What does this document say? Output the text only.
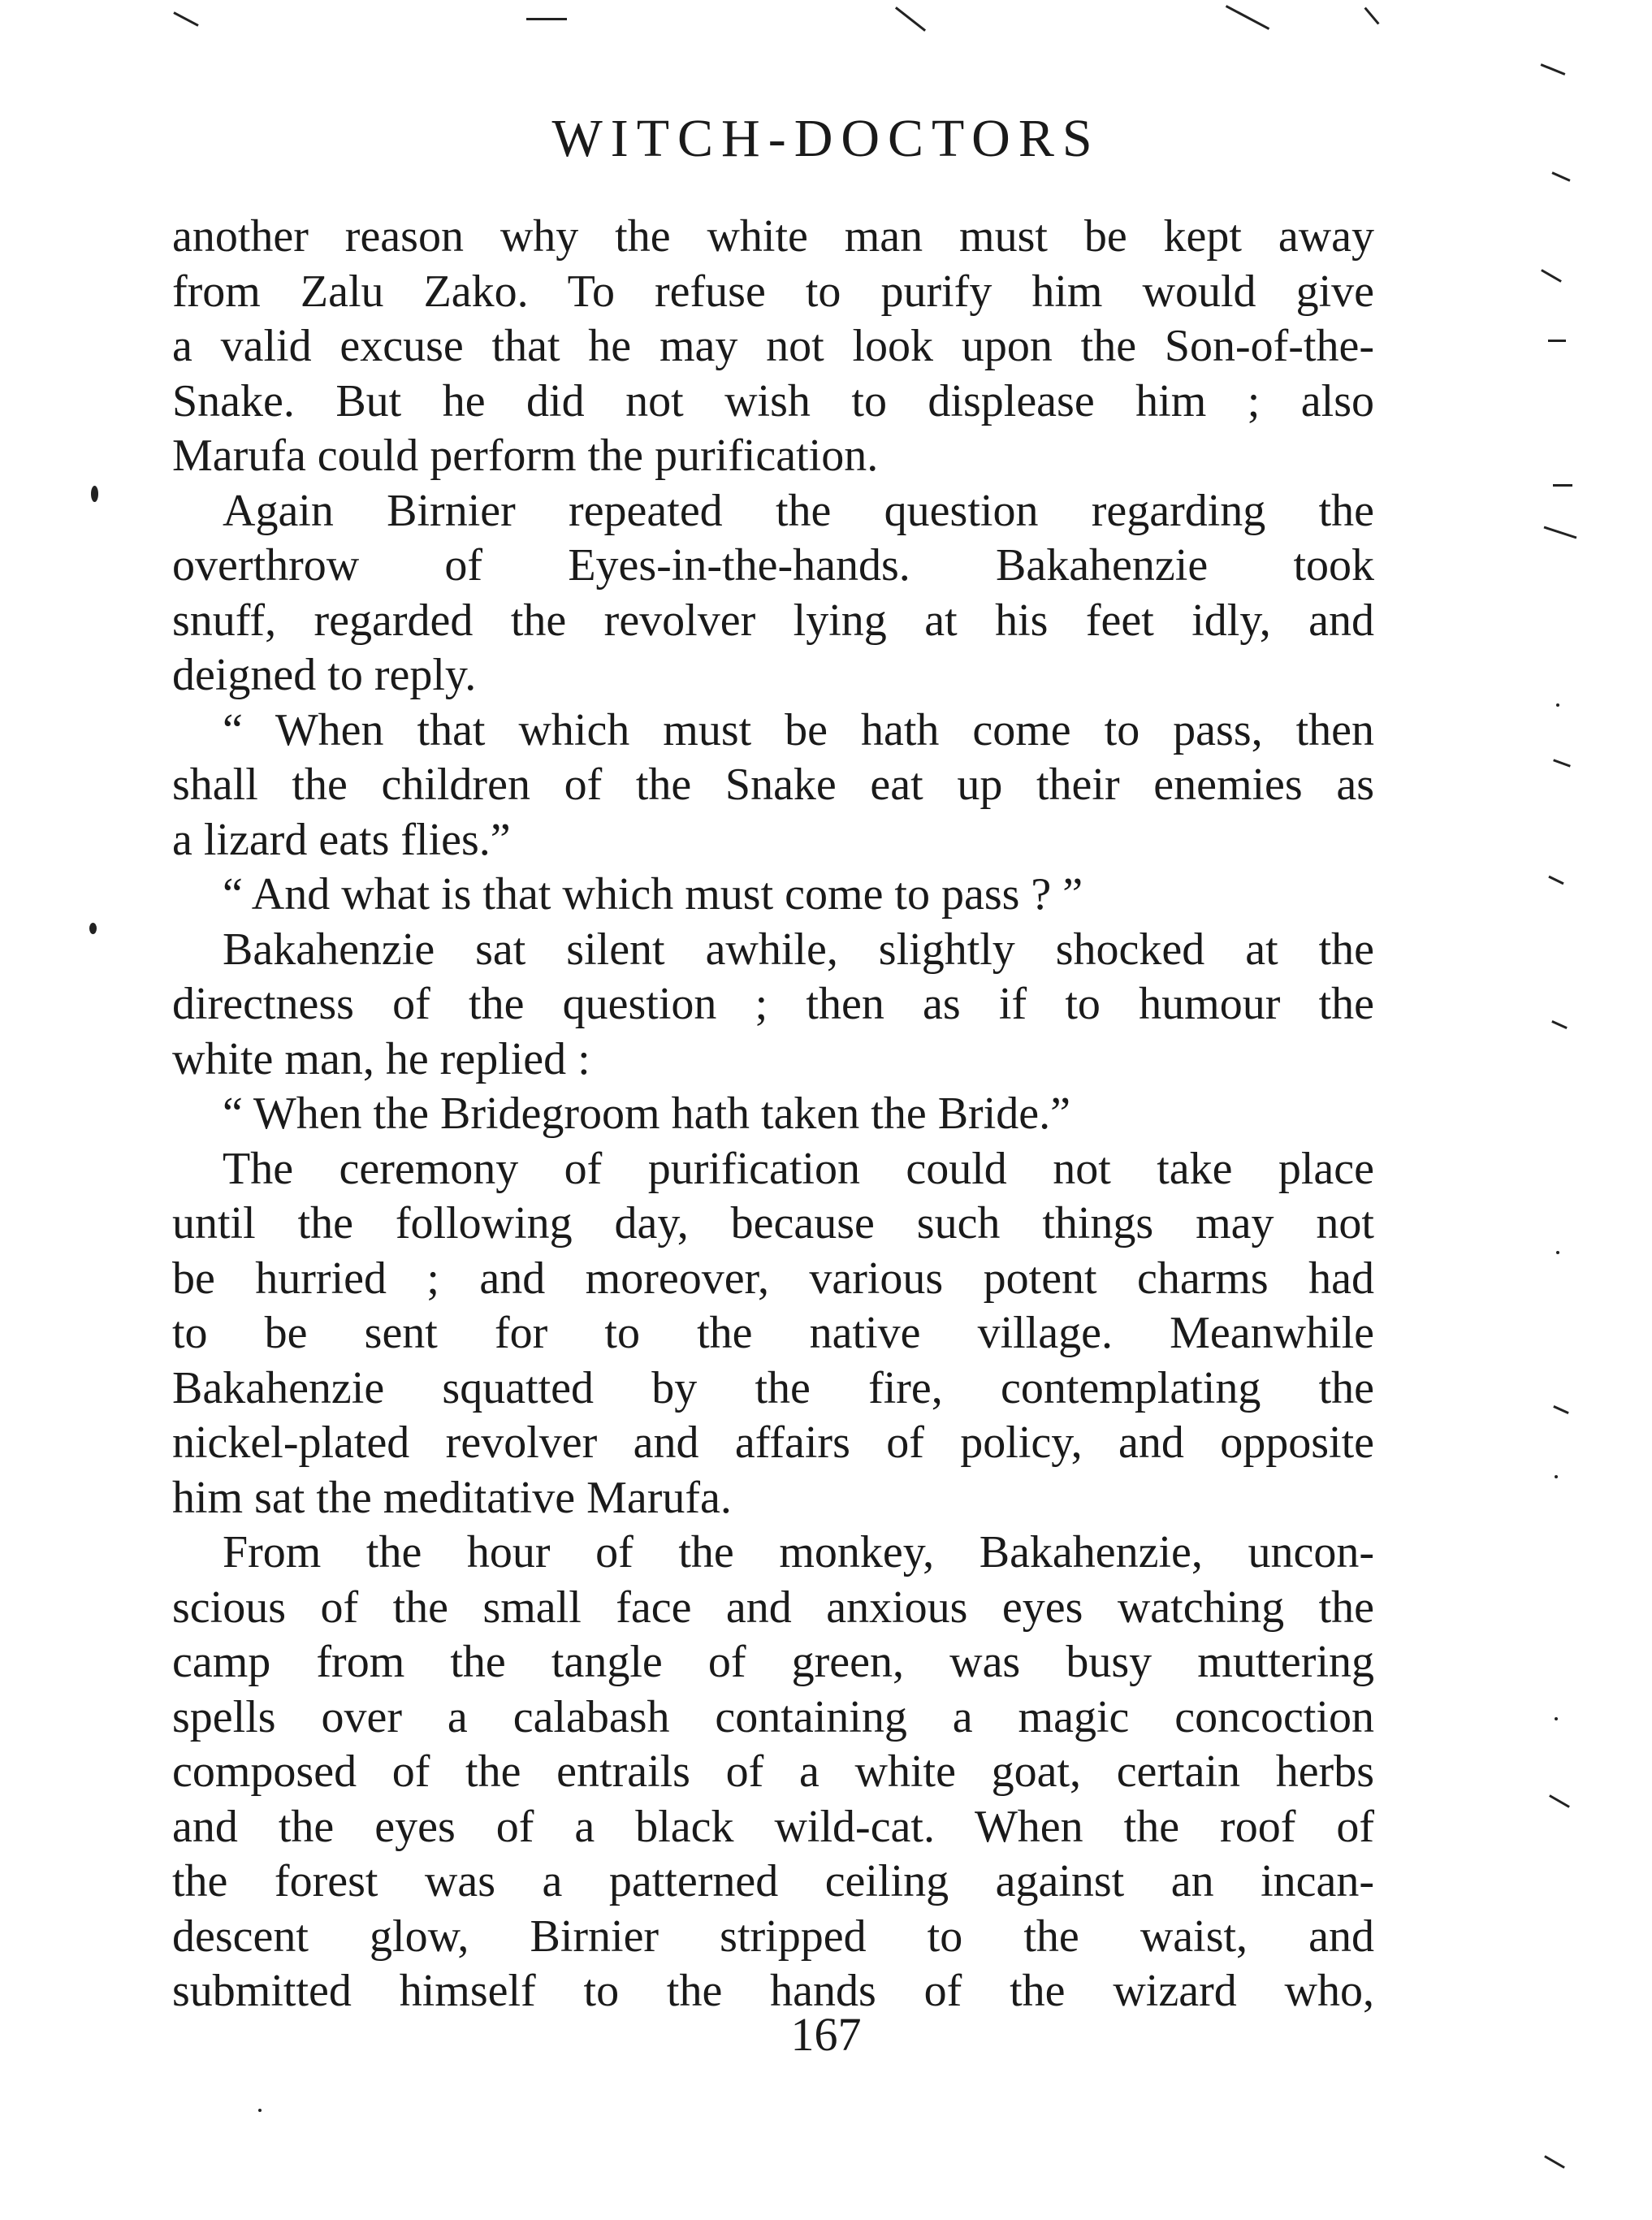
WITCH-DOCTORS
another reason why the white man must be kept away
from Zalu Zako. To refuse to purify him would give
a valid excuse that he may not look upon the Son-of-the-
Snake. But he did not wish to displease him ; also
Marufa could perform the purification.
Again Birnier repeated the question regarding the
overthrow of Eyes-in-the-hands. Bakahenzie took
snuff, regarded the revolver lying at his feet idly, and
deigned to reply.
“ When that which must be hath come to pass, then
shall the children of the Snake eat up their enemies as
a lizard eats flies.”
“ And what is that which must come to pass ? ”
Bakahenzie sat silent awhile, slightly shocked at the
directness of the question ; then as if to humour the
white man, he replied :
“ When the Bridegroom hath taken the Bride.”
The ceremony of purification could not take place
until the following day, because such things may not
be hurried ; and moreover, various potent charms had
to be sent for to the native village. Meanwhile
Bakahenzie squatted by the fire, contemplating the
nickel-plated revolver and affairs of policy, and opposite
him sat the meditative Marufa.
From the hour of the monkey, Bakahenzie, uncon-
scious of the small face and anxious eyes watching the
camp from the tangle of green, was busy muttering
spells over a calabash containing a magic concoction
composed of the entrails of a white goat, certain herbs
and the eyes of a black wild-cat. When the roof of
the forest was a patterned ceiling against an incan-
descent glow, Birnier stripped to the waist, and
submitted himself to the hands of the wizard who,
167
